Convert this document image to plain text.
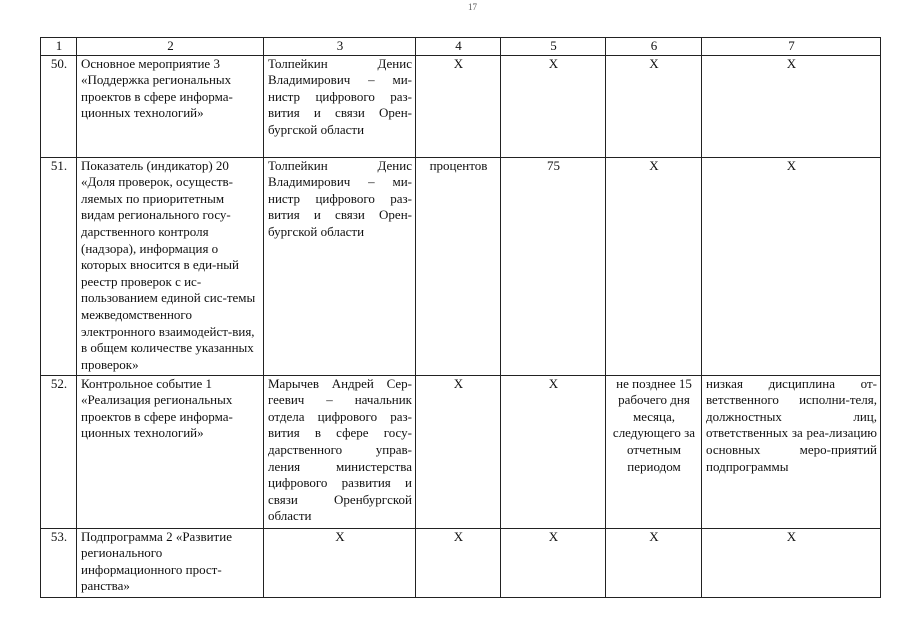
17
1	2	3	4	5	6	7
50.	Основное мероприятие 3 «Поддержка региональных проектов в сфере информа-ционных технологий»	Толпейкин Денис Владимирович – ми-нистр цифрового раз-вития и связи Орен-бургской области	Х	Х	Х	Х
51.	Показатель (индикатор) 20 «Доля проверок, осуществ-ляемых по приоритетным видам регионального госу-дарственного контроля (надзора), информация о которых вносится в еди-ный реестр проверок с ис-пользованием единой сис-темы межведомственного электронного взаимодейст-вия, в общем количестве указанных проверок»	Толпейкин Денис Владимирович – ми-нистр цифрового раз-вития и связи Орен-бургской области	процентов	75	Х	Х
52.	Контрольное событие 1 «Реализация региональных проектов в сфере информа-ционных технологий»	Марычев Андрей Сер-геевич – начальник отдела цифрового раз-вития в сфере госу-дарственного управ-ления министерства цифрового развития и связи Оренбургской области	Х	Х	не позднее 15 рабочего дня месяца, следующего за отчетным периодом	низкая дисциплина от-ветственного исполни-теля, должностных лиц, ответственных за реа-лизацию основных меро-приятий подпрограммы
53.	Подпрограмма 2 «Развитие регионального информационного прост-ранства»	Х	Х	Х	Х	Х
